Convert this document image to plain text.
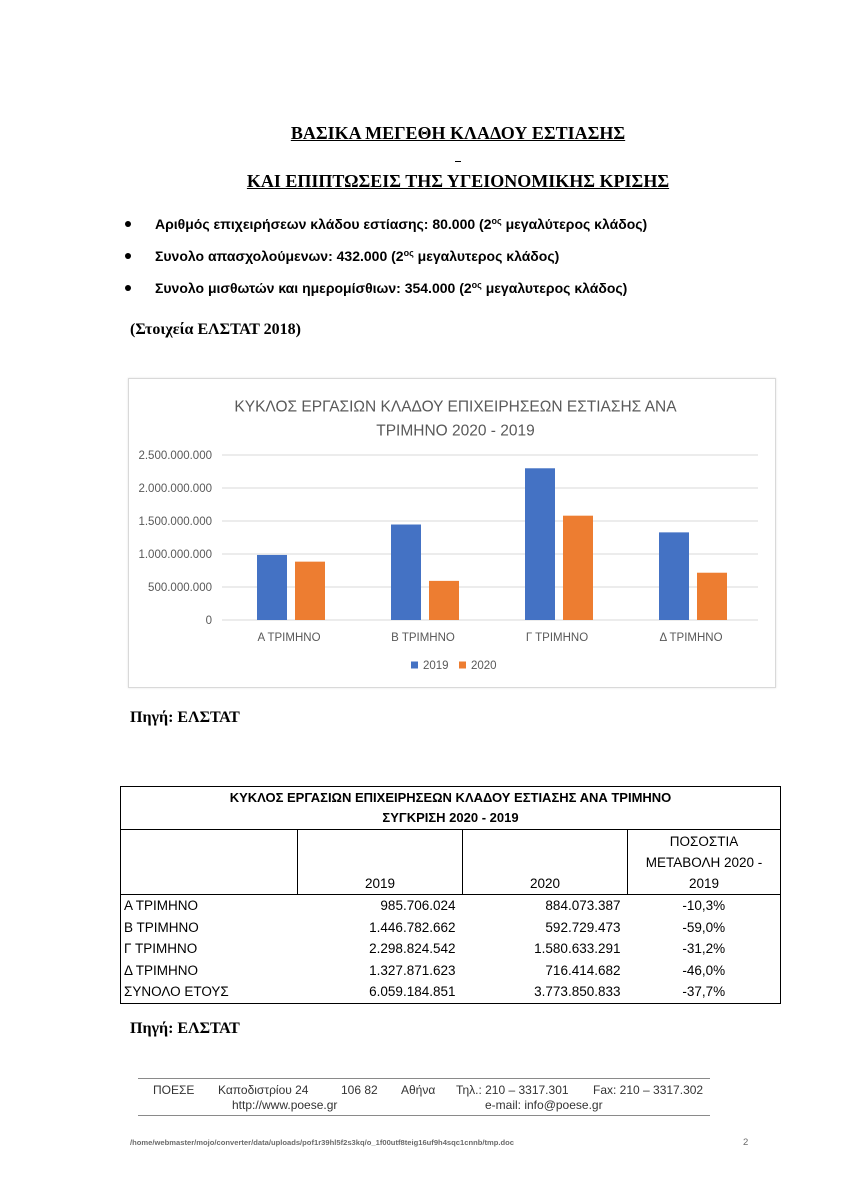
ΒΑΣΙΚΑ ΜΕΓΕΘΗ ΚΛΑΔΟΥ ΕΣΤΙΑΣΗΣ
ΚΑΙ ΕΠΙΠΤΩΣΕΙΣ ΤΗΣ ΥΓΕΙΟΝΟΜΙΚΗΣ ΚΡΙΣΗΣ
Αριθμός επιχειρήσεων κλάδου εστίασης: 80.000 ($2^{o\varsigma}$ μεγαλύτερος κλάδος)
Συνολο απασχολούμενων: 432.000 ($2^{o\varsigma}$ μεγαλυτερος κλάδος)
Συνολο μισθωτών και ημερομίσθιων: 354.000 ($2^{o\varsigma}$ μεγαλυτερος κλάδος)
(Στοιχεία ΕΛΣΤΑΤ 2018)
ΚΥΚΛΟΣ ΕΡΓΑΣΙΩΝ ΚΛΑΔΟΥ ΕΠΙΧΕΙΡΗΣΕΩΝ ΕΣΤΙΑΣΗΣ ΑΝΑ
ΤΡΙΜΗΝΟ 2020 - 2019
0
500.000.000
1.000.000.000
1.500.000.000
2.000.000.000
2.500.000.000
Α ΤΡΙΜΗΝΟ	Β ΤΡΙΜΗΝΟ	Γ ΤΡΙΜΗΝΟ	Δ ΤΡΙΜΗΝΟ
2019 2020
Πηγή: ΕΛΣΤΑΤ
ΚΥΚΛΟΣ ΕΡΓΑΣΙΩΝ ΕΠΙΧΕΙΡΗΣΕΩΝ ΚΛΑΔΟΥ ΕΣΤΙΑΣΗΣ ΑΝΑ ΤΡΙΜΗΝΟ
ΣΥΓΚΡΙΣΗ 2020 - 2019			

	2019	2020	ΠΟΣΟΣΤΙΑ
ΜΕΤΑΒΟΛΗ 2020 -
2019

Α ΤΡΙΜΗΝΟ	985.706.024	884.073.387	-10,3%
Β ΤΡΙΜΗΝΟ	1.446.782.662	592.729.473	-59,0%
Γ ΤΡΙΜΗΝΟ	2.298.824.542	1.580.633.291	-31,2%
Δ ΤΡΙΜΗΝΟ	1.327.871.623	716.414.682	-46,0%
ΣΥΝΟΛΟ ΕΤΟΥΣ	6.059.184.851	3.773.850.833	-37,7%
Πηγή: ΕΛΣΤΑΤ
ΠΟΕΣΕ Καποδιστρίου 24	106 82 Αθήνα Τηλ.: 210 – 3317.301 Fax: 210 – 3317.302
http://www.poese.gr	e-mail: info@poese.gr
/home/webmaster/mojo/converter/data/uploads/pof1r39hl5f2s3kq/o_1f00utf8teig16uf9h4sqc1cnnb/tmp.doc	2
